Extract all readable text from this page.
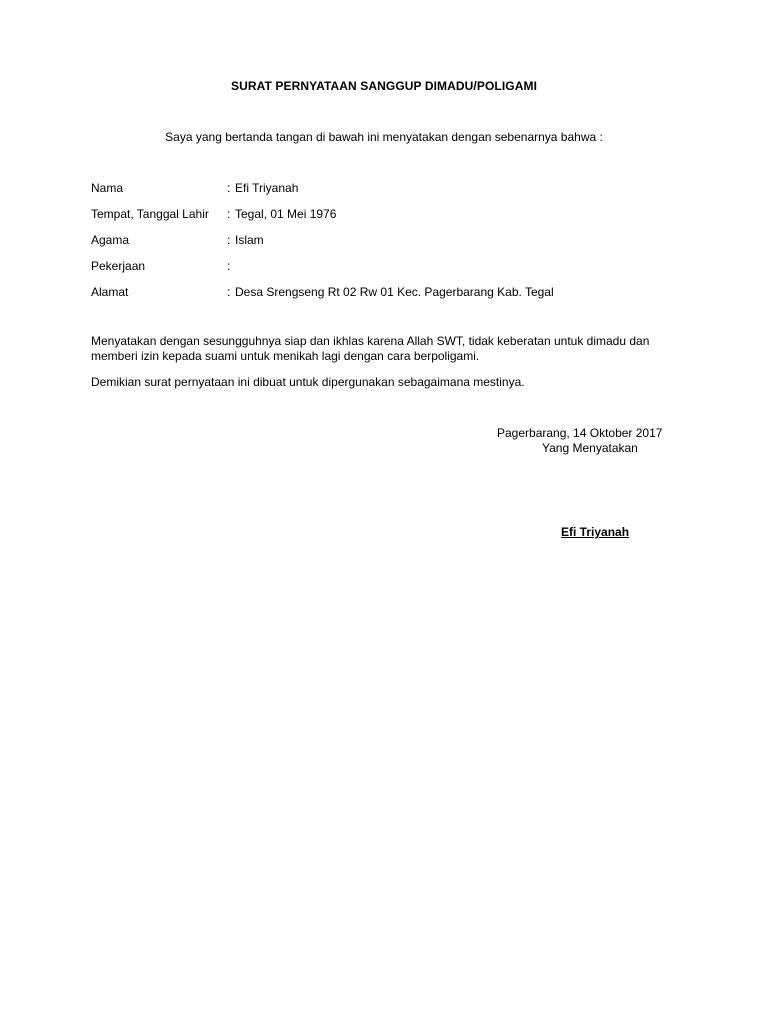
SURAT PERNYATAAN SANGGUP DIMADU/POLIGAMI
Saya yang bertanda tangan di bawah ini menyatakan dengan sebenarnya bahwa :
Nama	: Efi Triyanah
Tempat, Tanggal Lahir : Tegal, 01 Mei 1976
Agama	: Islam
Pekerjaan	:
Alamat	: Desa Srengseng Rt 02 Rw 01 Kec. Pagerbarang Kab. Tegal
Menyatakan dengan sesungguhnya siap dan ikhlas karena Allah SWT, tidak keberatan untuk dimadu dan
memberi izin kepada suami untuk menikah lagi dengan cara berpoligami.
Demikian surat pernyataan ini dibuat untuk dipergunakan sebagaimana mestinya.
Pagerbarang, 14 Oktober 2017
Yang Menyatakan
Efi Triyanah
